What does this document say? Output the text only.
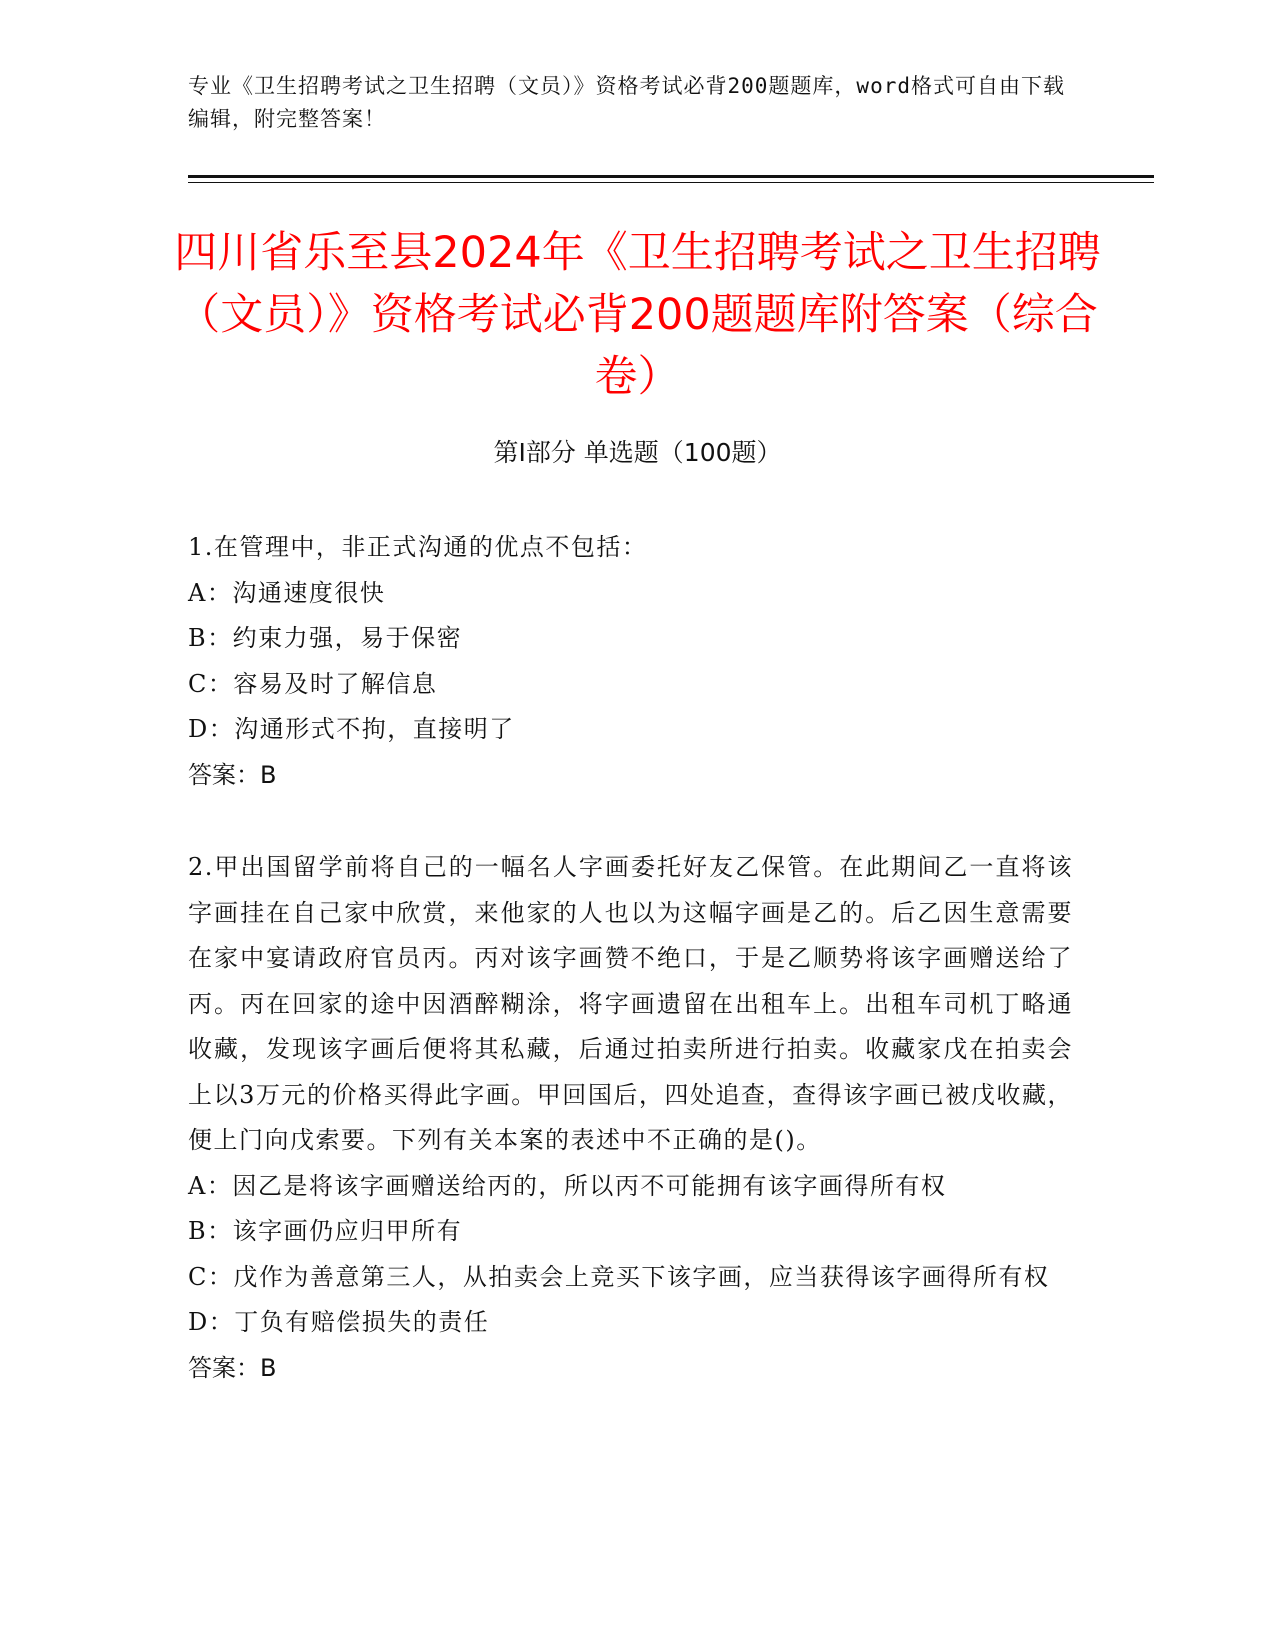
专业《卫生招聘考试之卫生招聘（文员）》资格考试必背200题题库，word格式可自由下载编辑，附完整答案！
四川省乐至县2024年《卫生招聘考试之卫生招聘（文员）》资格考试必背200题题库附答案（综合卷）
第Ⅰ部分 单选题（100题）

1.在管理中，非正式沟通的优点不包括：

A：沟通速度很快

B：约束力强，易于保密

C：容易及时了解信息

D：沟通形式不拘，直接明了

答案：B

2.甲出国留学前将自己的一幅名人字画委托好友乙保管。在此期间乙一直将该字画挂在自己家中欣赏，来他家的人也以为这幅字画是乙的。后乙因生意需要在家中宴请政府官员丙。丙对该字画赞不绝口，于是乙顺势将该字画赠送给了丙。丙在回家的途中因酒醉糊涂，将字画遗留在出租车上。出租车司机丁略通收藏，发现该字画后便将其私藏，后通过拍卖所进行拍卖。收藏家戊在拍卖会上以3万元的价格买得此字画。甲回国后，四处追查，查得该字画已被戊收藏，便上门向戊索要。下列有关本案的表述中不正确的是()。

A：因乙是将该字画赠送给丙的，所以丙不可能拥有该字画得所有权

B：该字画仍应归甲所有

C：戊作为善意第三人，从拍卖会上竞买下该字画，应当获得该字画得所有权

D：丁负有赔偿损失的责任

答案：B
